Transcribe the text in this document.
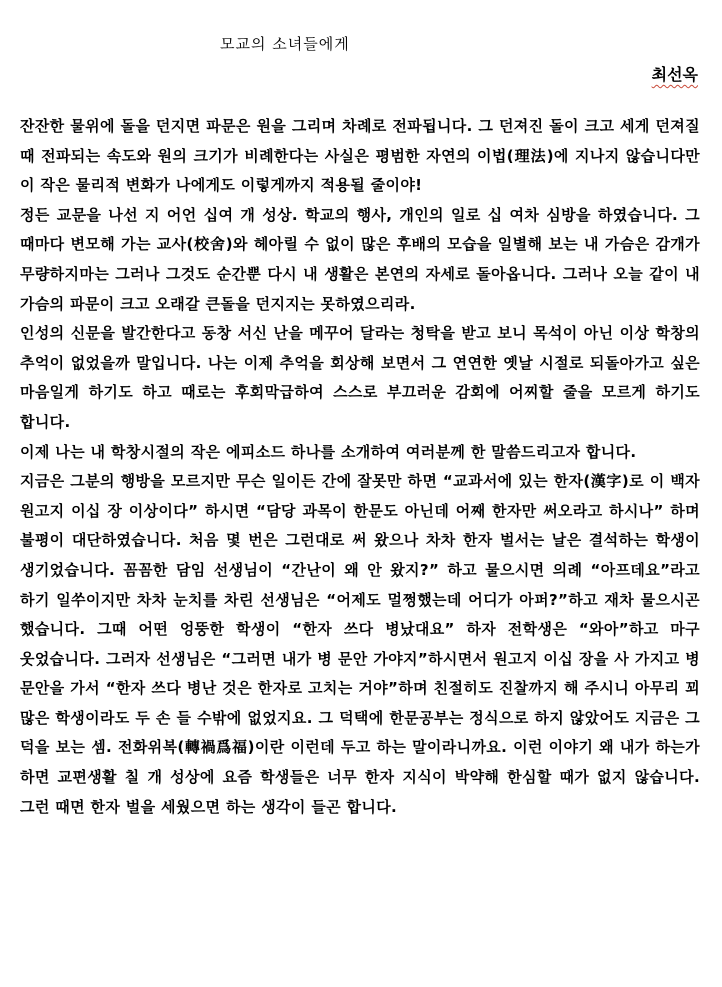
모교의 소녀들에게
최선옥

잔잔한 물위에 돌을 던지면 파문은 원을 그리며 차례로 전파됩니다. 그 던져진 돌이 크고 세게 던져질 때 전파되는 속도와 원의 크기가 비례한다는 사실은 평범한 자연의 이법(理法)에 지나지 않습니다만 이 작은 물리적 변화가 나에게도 이렇게까지 적용될 줄이야!

정든 교문을 나선 지 어언 십여 개 성상. 학교의 행사, 개인의 일로 십 여차 심방을 하였습니다. 그 때마다 변모해 가는 교사(校舍)와 헤아릴 수 없이 많은 후배의 모습을 일별해 보는 내 가슴은 감개가 무량하지마는 그러나 그것도 순간뿐 다시 내 생활은 본연의 자세로 돌아옵니다. 그러나 오늘 같이 내 가슴의 파문이 크고 오래갈 큰돌을 던지지는 못하였으리라.

인성의 신문을 발간한다고 동창 서신 난을 메꾸어 달라는 청탁을 받고 보니 목석이 아닌 이상 학창의 추억이 없었을까 말입니다. 나는 이제 추억을 회상해 보면서 그 연연한 옛날 시절로 되돌아가고 싶은 마음일게 하기도 하고 때로는 후회막급하여 스스로 부끄러운 감회에 어찌할 줄을 모르게 하기도 합니다.

이제 나는 내 학창시절의 작은 에피소드 하나를 소개하여 여러분께 한 말씀드리고자 합니다.

지금은 그분의 행방을 모르지만 무슨 일이든 간에 잘못만 하면 “교과서에 있는 한자(漢字)로 이 백자 원고지 이십 장 이상이다” 하시면 “담당 과목이 한문도 아닌데 어째 한자만 써오라고 하시나” 하며 불평이 대단하였습니다. 처음 몇 번은 그런대로 써 왔으나 차차 한자 벌서는 날은 결석하는 학생이 생기었습니다. 꼼꼼한 담임 선생님이 “간난이 왜 안 왔지?” 하고 물으시면 의례 “아프데요”라고 하기 일쑤이지만 차차 눈치를 차린 선생님은 “어제도 멀쩡했는데 어디가 아퍼?”하고 재차 물으시곤 했습니다. 그때 어떤 엉뚱한 학생이 “한자 쓰다 병났대요” 하자 전학생은 “와아”하고 마구 웃었습니다. 그러자 선생님은 “그러면 내가 병 문안 가야지”하시면서 원고지 이십 장을 사 가지고 병 문안을 가서 “한자 쓰다 병난 것은 한자로 고치는 거야”하며 친절히도 진찰까지 해 주시니 아무리 꾀 많은 학생이라도 두 손 들 수밖에 없었지요. 그 덕택에 한문공부는 정식으로 하지 않았어도 지금은 그 덕을 보는 셈. 전화위복(轉禍爲福)이란 이런데 두고 하는 말이라니까요. 이런 이야기 왜 내가 하는가 하면 교편생활 칠 개 성상에 요즘 학생들은 너무 한자 지식이 박약해 한심할 때가 없지 않습니다. 그런 때면 한자 벌을 세웠으면 하는 생각이 들곤 합니다.
